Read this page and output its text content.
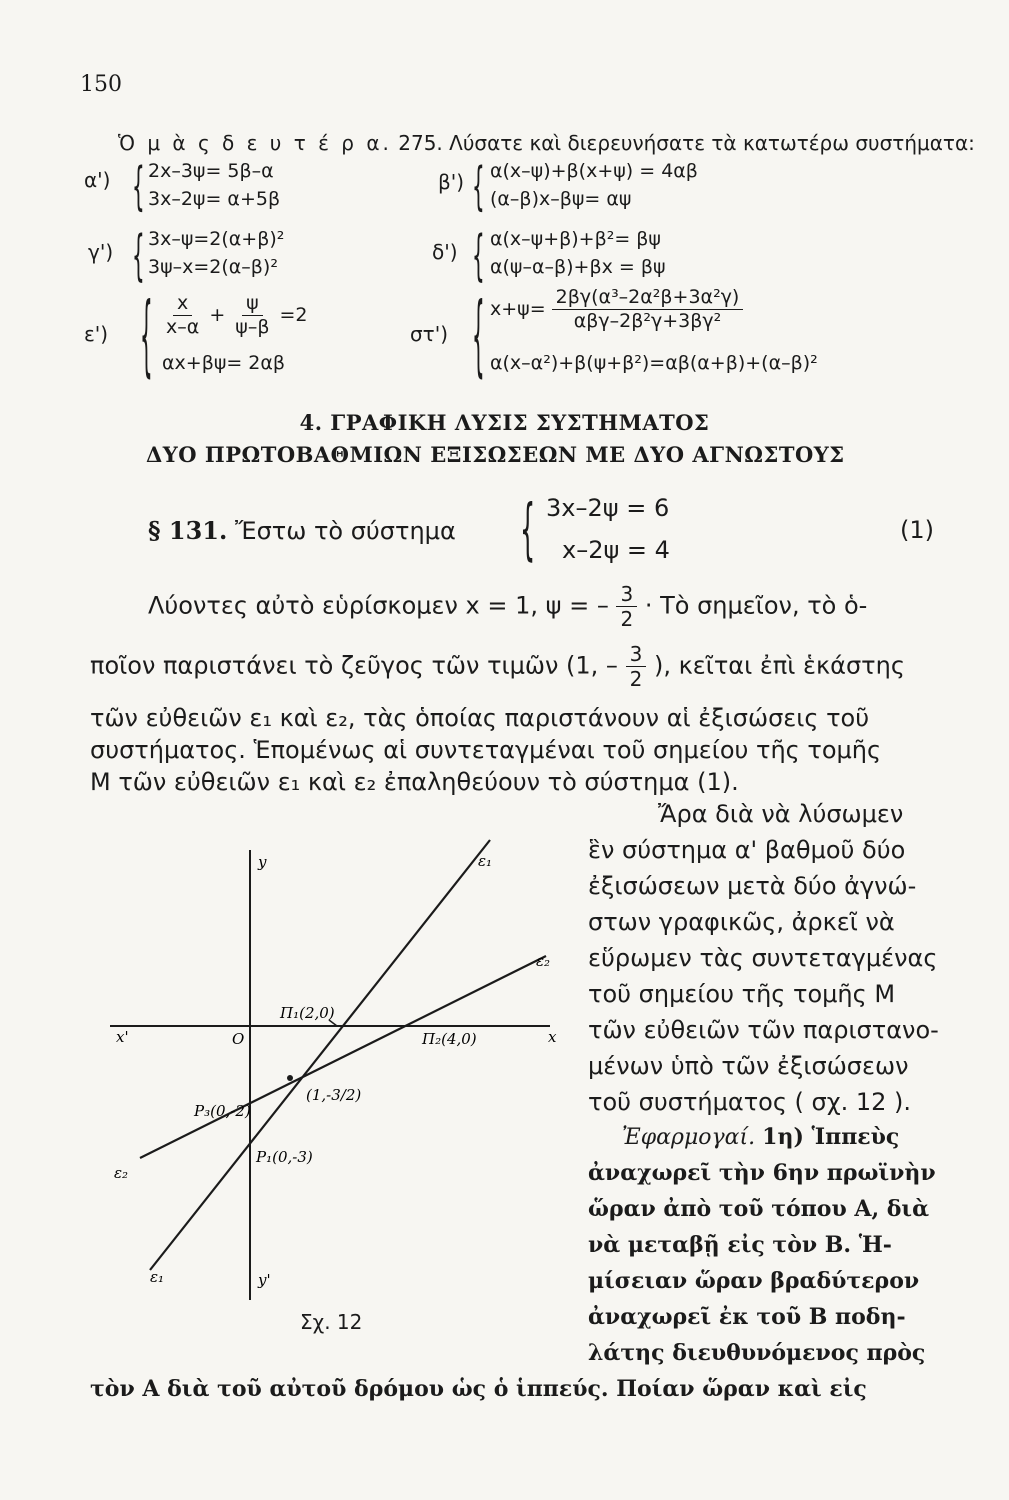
150
Ὁ μ ὰ ς δ ε υ τ έ ρ α. 275. Λύσατε καὶ διερευνήσατε τὰ κατωτέρω συστήματα:
α') { 2x–3ψ= 5β–α
3x–2ψ= α+5β
β') { α(x–ψ)+β(x+ψ) = 4αβ
(α–β)x–βψ= αψ
γ') { 3x–ψ=2(α+β)²
3ψ–x=2(α–β)²
δ') { α(x–ψ+β)+β²= βψ
α(ψ–α–β)+βx = βψ
ε') { $\frac{x}{x-\alpha} + \frac{\psi}{\psi-\beta} =2$
αx+βψ= 2αβ
στ') { $x+\psi= \frac{\text{2βγ(α³–2α²β+3α²γ)}}{\text{αβγ–2β²γ+3βγ²}}$
α(x–α²)+β(ψ+β²)=αβ(α+β)+(α–β)²
4. ΓΡΑΦΙΚΗ ΛΥΣΙΣ ΣΥΣΤΗΜΑΤΟΣ
ΔΥΟ ΠΡΩΤΟΒΑΘΜΙΩΝ ΕΞΙΣΩΣΕΩΝ ΜΕ ΔΥΟ ΑΓΝΩΣΤΟΥΣ
§ 131. Ἔστω τὸ σύστημα	{ 3x–2ψ = 6
x–2ψ = 4
(1)
Λύοντες αὐτὸ εὑρίσκομεν x = 1, ψ = – $\frac{3}{2}$ · Τὸ σημεῖον, τὸ ὁ-
ποῖον παριστάνει τὸ ζεῦγος τῶν τιμῶν (1, – $\frac{3}{2}$ ), κεῖται ἐπὶ ἑκάστης
τῶν εὐθειῶν ε₁ καὶ ε₂, τὰς ὁποίας παριστάνουν αἱ ἐξισώσεις τοῦ
συστήματος. Ἑπομένως αἱ συντεταγμέναι τοῦ σημείου τῆς τομῆς
Μ τῶν εὐθειῶν ε₁ καὶ ε₂ ἐπαληθεύουν τὸ σύστημα (1).
Ἄρα διὰ νὰ λύσωμεν
ἓν σύστημα α' βαθμοῦ δύο
ἐξισώσεων μετὰ δύο ἀγνώ-
στων γραφικῶς, ἀρκεῖ νὰ
εὕρωμεν τὰς συντεταγμένας
τοῦ σημείου τῆς τομῆς Μ
τῶν εὐθειῶν τῶν παριστανο-
μένων ὑπὸ τῶν ἐξισώσεων
τοῦ συστήματος ( σχ. 12 ).
Ἐφαρμογαί. 1η) Ἱππεὺς
ἀναχωρεῖ τὴν 6ην πρωϊνὴν
ὥραν ἀπὸ τοῦ τόπου Α, διὰ
νὰ μεταβῇ εἰς τὸν Β. Ἡ-
μίσειαν ὥραν βραδύτερον
ἀναχωρεῖ ἐκ τοῦ Β ποδη-
λάτης διευθυνόμενος πρὸς
τὸν Α διὰ τοῦ αὐτοῦ δρόμου ὡς ὁ ἱππεύς. Ποίαν ὥραν καὶ εἰς
y
y'
x
x'	O
ε₁
ε₂
ε₂
ε₁
Π₁(2,0)
Π₂(4,0)
(1,-3/2)
P₃(0,-2)
P₁(0,-3)
Σχ. 12
